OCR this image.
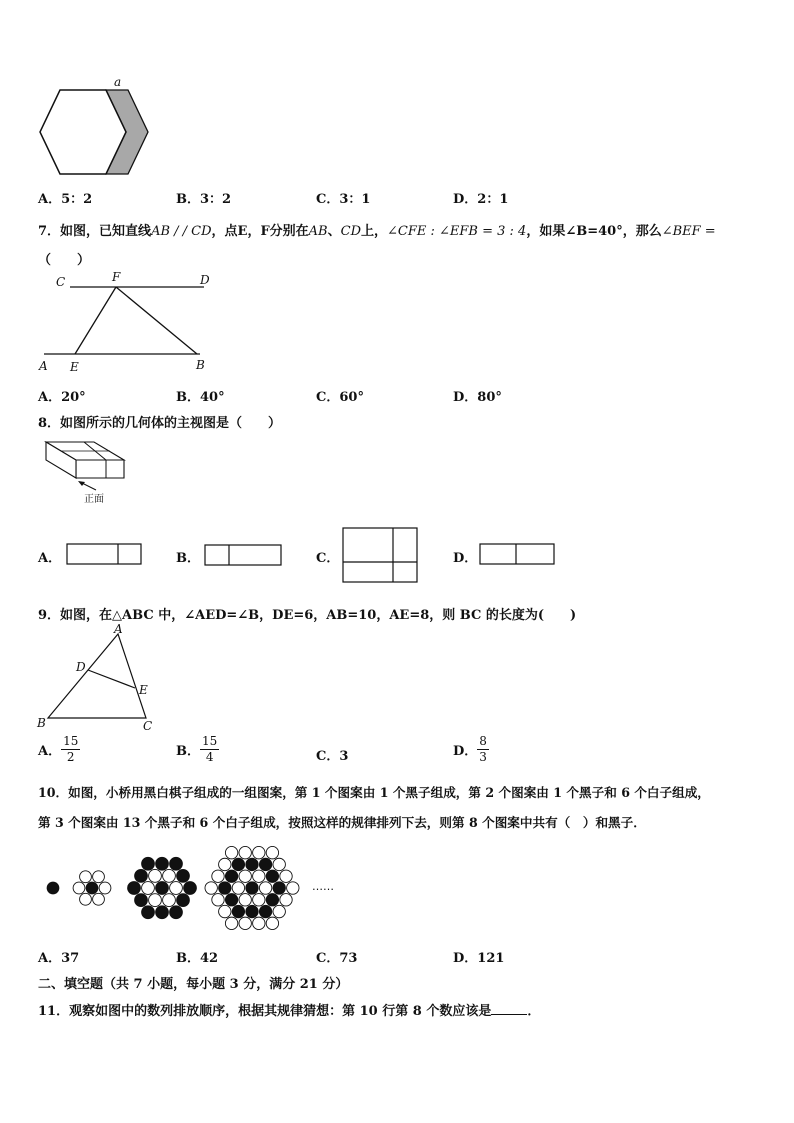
a
A．5：2	B．3：2	C．3：1	D．2：1
7．如图，已知直线AB / / CD，点E，F分别在AB、CD上，∠CFE : ∠EFB = 3 : 4，如果∠B=40°，那么∠BEF =
（　　）
C	F	D
A E	B
A．20°	B．40°	C．60°	D．80°
8．如图所示的几何体的主视图是（　　）
正面
A．	B．	C．	D．
9．如图，在△ABC 中，∠AED=∠B，DE=6，AB=10，AE=8，则 BC 的长度为(　　)
A
D
E
B	C
A． $\frac{15}{2}$	B． $\frac{15}{4}$	C．3	D． $\frac{8}{3}$
10．如图，小桥用黑白棋子组成的一组图案，第 1 个图案由 1 个黑子组成，第 2 个图案由 1 个黑子和 6 个白子组成，
第 3 个图案由 13 个黑子和 6 个白子组成，按照这样的规律排列下去，则第 8 个图案中共有（　）和黑子．
……
A．37	B．42	C．73	D．121
二、填空题（共 7 小题，每小题 3 分，满分 21 分）
11．观察如图中的数列排放顺序，根据其规律猜想：第 10 行第 8 个数应该是	．
